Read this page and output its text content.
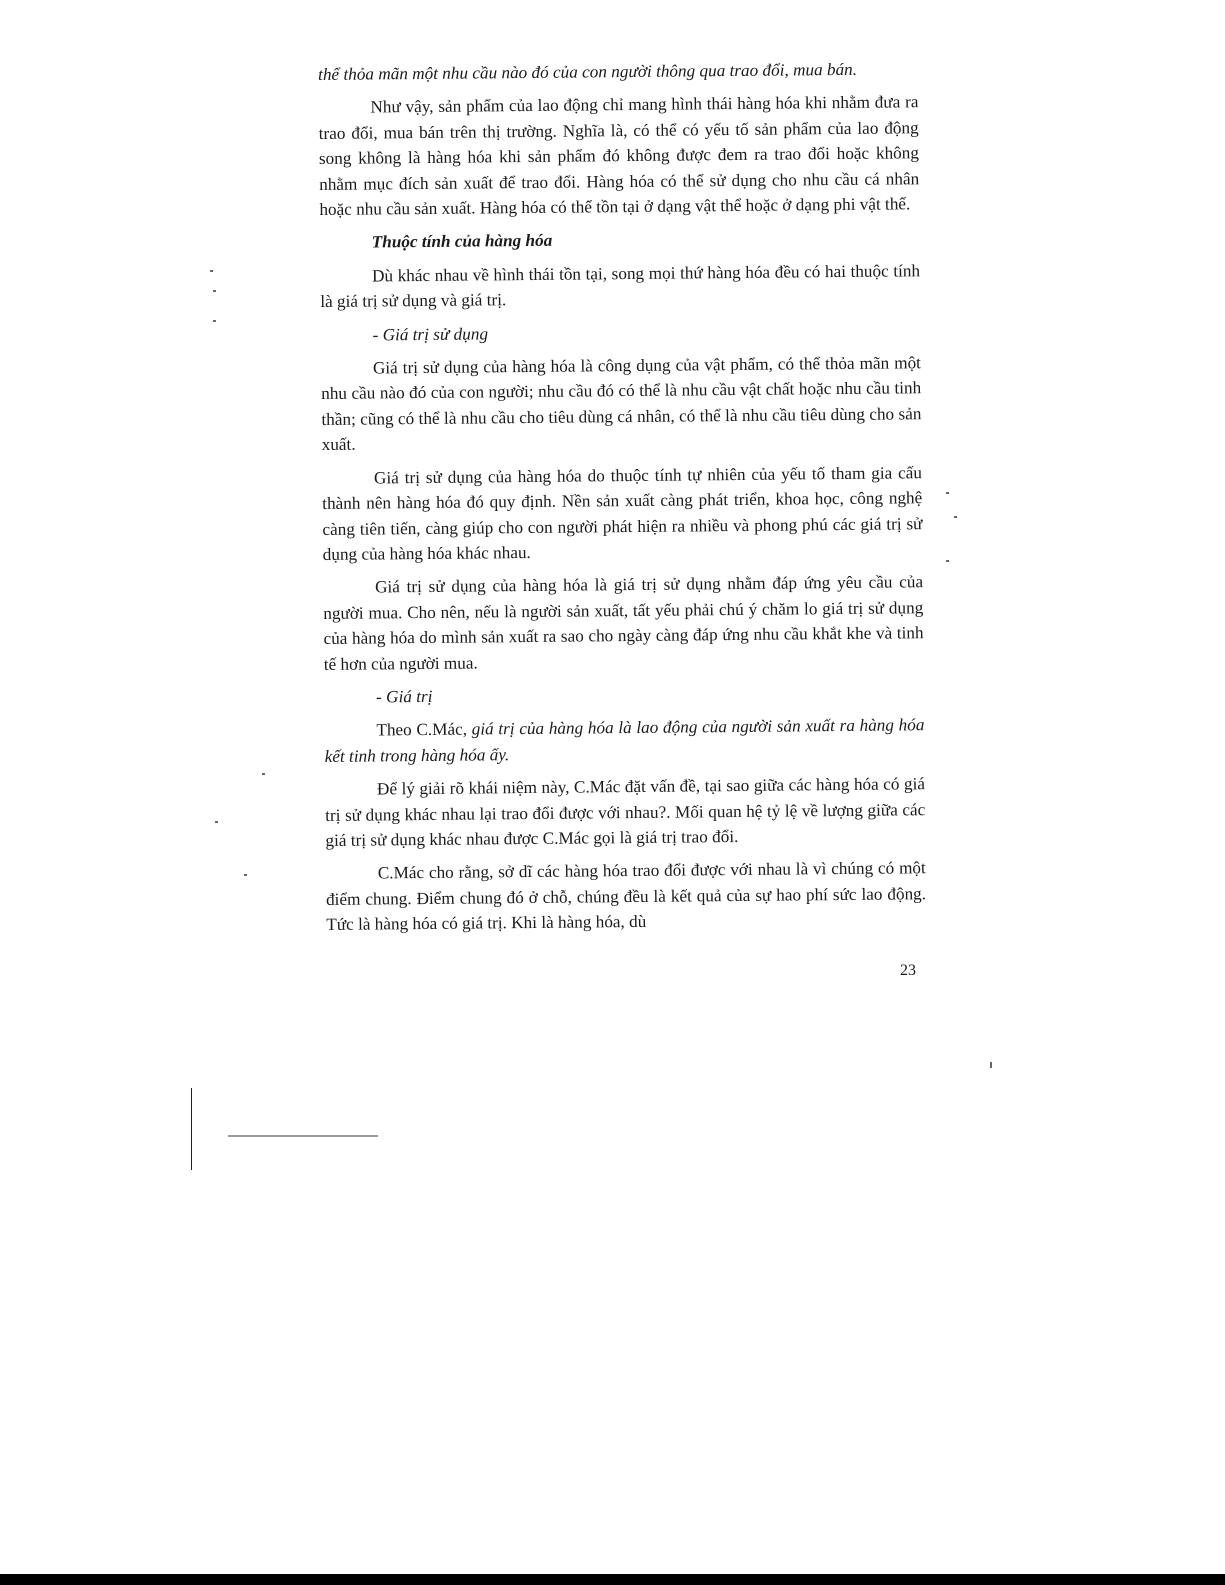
thể thỏa mãn một nhu cầu nào đó của con người thông qua trao đổi, mua bán.

Như vậy, sản phẩm của lao động chỉ mang hình thái hàng hóa khi nhằm đưa ra trao đổi, mua bán trên thị trường. Nghĩa là, có thể có yếu tố sản phẩm của lao động song không là hàng hóa khi sản phẩm đó không được đem ra trao đổi hoặc không nhằm mục đích sản xuất để trao đổi. Hàng hóa có thể sử dụng cho nhu cầu cá nhân hoặc nhu cầu sản xuất. Hàng hóa có thể tồn tại ở dạng vật thể hoặc ở dạng phi vật thể.

Thuộc tính của hàng hóa

Dù khác nhau về hình thái tồn tại, song mọi thứ hàng hóa đều có hai thuộc tính là giá trị sử dụng và giá trị.

- Giá trị sử dụng

Giá trị sử dụng của hàng hóa là công dụng của vật phẩm, có thể thỏa mãn một nhu cầu nào đó của con người; nhu cầu đó có thể là nhu cầu vật chất hoặc nhu cầu tinh thần; cũng có thể là nhu cầu cho tiêu dùng cá nhân, có thể là nhu cầu tiêu dùng cho sản xuất.

Giá trị sử dụng của hàng hóa do thuộc tính tự nhiên của yếu tố tham gia cấu thành nên hàng hóa đó quy định. Nền sản xuất càng phát triển, khoa học, công nghệ càng tiên tiến, càng giúp cho con người phát hiện ra nhiều và phong phú các giá trị sử dụng của hàng hóa khác nhau.

Giá trị sử dụng của hàng hóa là giá trị sử dụng nhằm đáp ứng yêu cầu của người mua. Cho nên, nếu là người sản xuất, tất yếu phải chú ý chăm lo giá trị sử dụng của hàng hóa do mình sản xuất ra sao cho ngày càng đáp ứng nhu cầu khắt khe và tinh tế hơn của người mua.

- Giá trị

Theo C.Mác, giá trị của hàng hóa là lao động của người sản xuất ra hàng hóa kết tinh trong hàng hóa ấy.

Để lý giải rõ khái niệm này, C.Mác đặt vấn đề, tại sao giữa các hàng hóa có giá trị sử dụng khác nhau lại trao đổi được với nhau?. Mối quan hệ tỷ lệ về lượng giữa các giá trị sử dụng khác nhau được C.Mác gọi là giá trị trao đổi.

C.Mác cho rằng, sở dĩ các hàng hóa trao đổi được với nhau là vì chúng có một điểm chung. Điểm chung đó ở chỗ, chúng đều là kết quả của sự hao phí sức lao động. Tức là hàng hóa có giá trị. Khi là hàng hóa, dù

23
